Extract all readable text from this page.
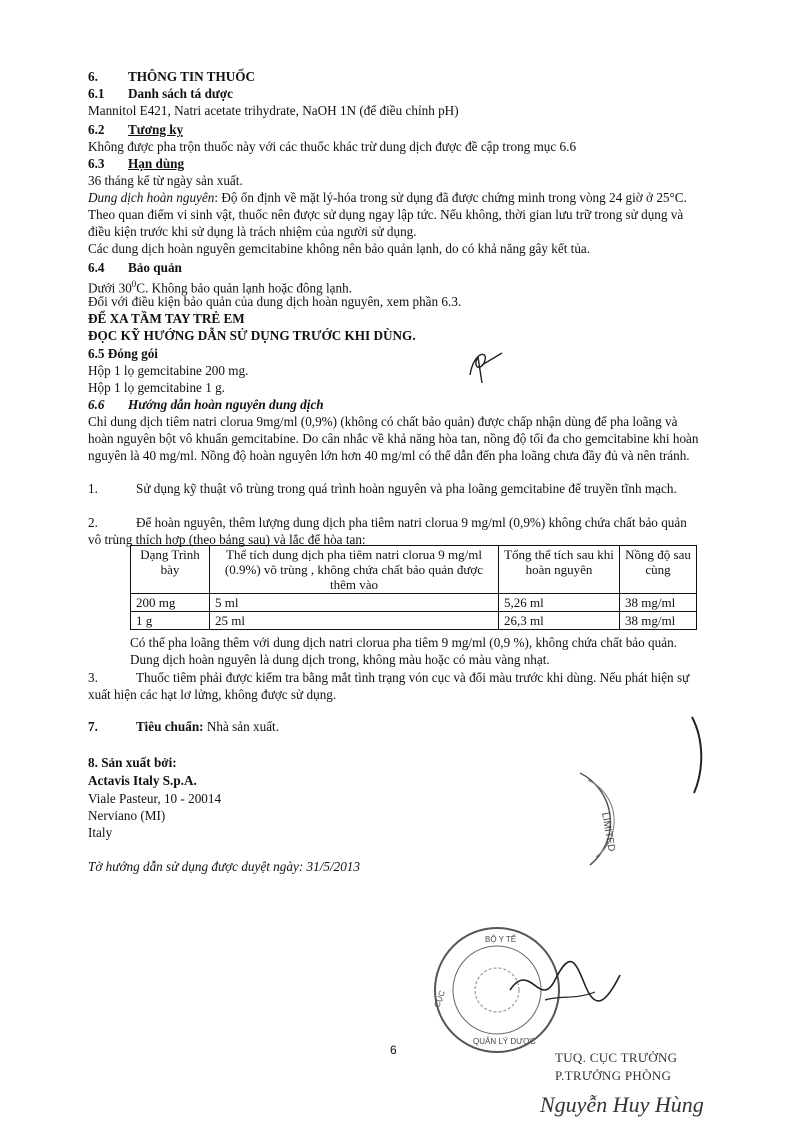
6. THÔNG TIN THUỐC
6.1 Danh sách tá dược
Mannitol E421, Natri acetate trihydrate, NaOH 1N (để điều chỉnh pH)
6.2 Tương kỵ
Không được pha trộn thuốc này với các thuốc khác trừ dung dịch được đề cập trong mục 6.6
6.3 Hạn dùng
36 tháng kể từ ngày sản xuất.
Dung dịch hoàn nguyên: Độ ổn định về mặt lý-hóa trong sử dụng đã được chứng minh trong vòng 24 giờ ở 25°C. Theo quan điểm vi sinh vật, thuốc nên được sử dụng ngay lập tức. Nếu không, thời gian lưu trữ trong sử dụng và điều kiện trước khi sử dụng là trách nhiệm của người sử dụng.
Các dung dịch hoàn nguyên gemcitabine không nên bảo quản lạnh, do có khả năng gây kết tủa.
6.4 Bảo quản
Dưới $30^0C$. Không bảo quản lạnh hoặc đông lạnh.
Đối với điều kiện bảo quản của dung dịch hoàn nguyên, xem phần 6.3.
ĐỂ XA TẦM TAY TRẺ EM
ĐỌC KỸ HƯỚNG DẪN SỬ DỤNG TRƯỚC KHI DÙNG.
6.5 Đóng gói
Hộp 1 lọ gemcitabine 200 mg.
Hộp 1 lọ gemcitabine 1 g.
6.6 Hướng dẫn hoàn nguyên dung dịch
Chỉ dung dịch tiêm natri clorua 9mg/ml (0,9%) (không có chất bảo quản) được chấp nhận dùng để pha loãng và hoàn nguyên bột vô khuẩn gemcitabine. Do cân nhắc về khả năng hòa tan, nồng độ tối đa cho gemcitabine khi hoàn nguyên là 40 mg/ml. Nồng độ hoàn nguyên lớn hơn 40 mg/ml có thể dẫn đến pha loãng chưa đầy đủ và nên tránh.
1.	Sử dụng kỹ thuật vô trùng trong quá trình hoàn nguyên và pha loãng gemcitabine để truyền tĩnh mạch.
2.	Để hoàn nguyên, thêm lượng dung dịch pha tiêm natri clorua 9 mg/ml (0,9%) không chứa chất bảo quản vô trùng thích hợp (theo bảng sau) và lắc để hòa tan:
Dạng Trình bày	Thể tích dung dịch pha tiêm natri clorua 9 mg/ml (0.9%) vô trùng , không chứa chất bảo quản được thêm vào	Tổng thể tích sau khi hoàn nguyên	Nồng độ sau cùng
200 mg	5 ml	5,26 ml	38 mg/ml
1 g	25 ml	26,3 ml	38 mg/ml
Có thể pha loãng thêm với dung dịch natri clorua pha tiêm 9 mg/ml (0,9 %), không chứa chất bảo quản. Dung dịch hoàn nguyên là dung dịch trong, không màu hoặc có màu vàng nhạt.
3.	Thuốc tiêm phải được kiểm tra bằng mắt tình trạng vón cục và đổi màu trước khi dùng. Nếu phát hiện sự xuất hiện các hạt lơ lửng, không được sử dụng.
7.	Tiêu chuẩn: Nhà sản xuất.
8. Sản xuất bởi:
Actavis Italy S.p.A.
Viale Pasteur, 10 - 20014
Nerviano (MI)
Italy
Tờ hướng dẫn sử dụng được duyệt ngày: 31/5/2013
6
LIMITED
BỘ Y TẾ
CỤC
QUẢN LÝ DƯỢC
TUQ. CỤC TRƯỞNG
P.TRƯỞNG PHÒNG
Nguyễn Huy Hùng
